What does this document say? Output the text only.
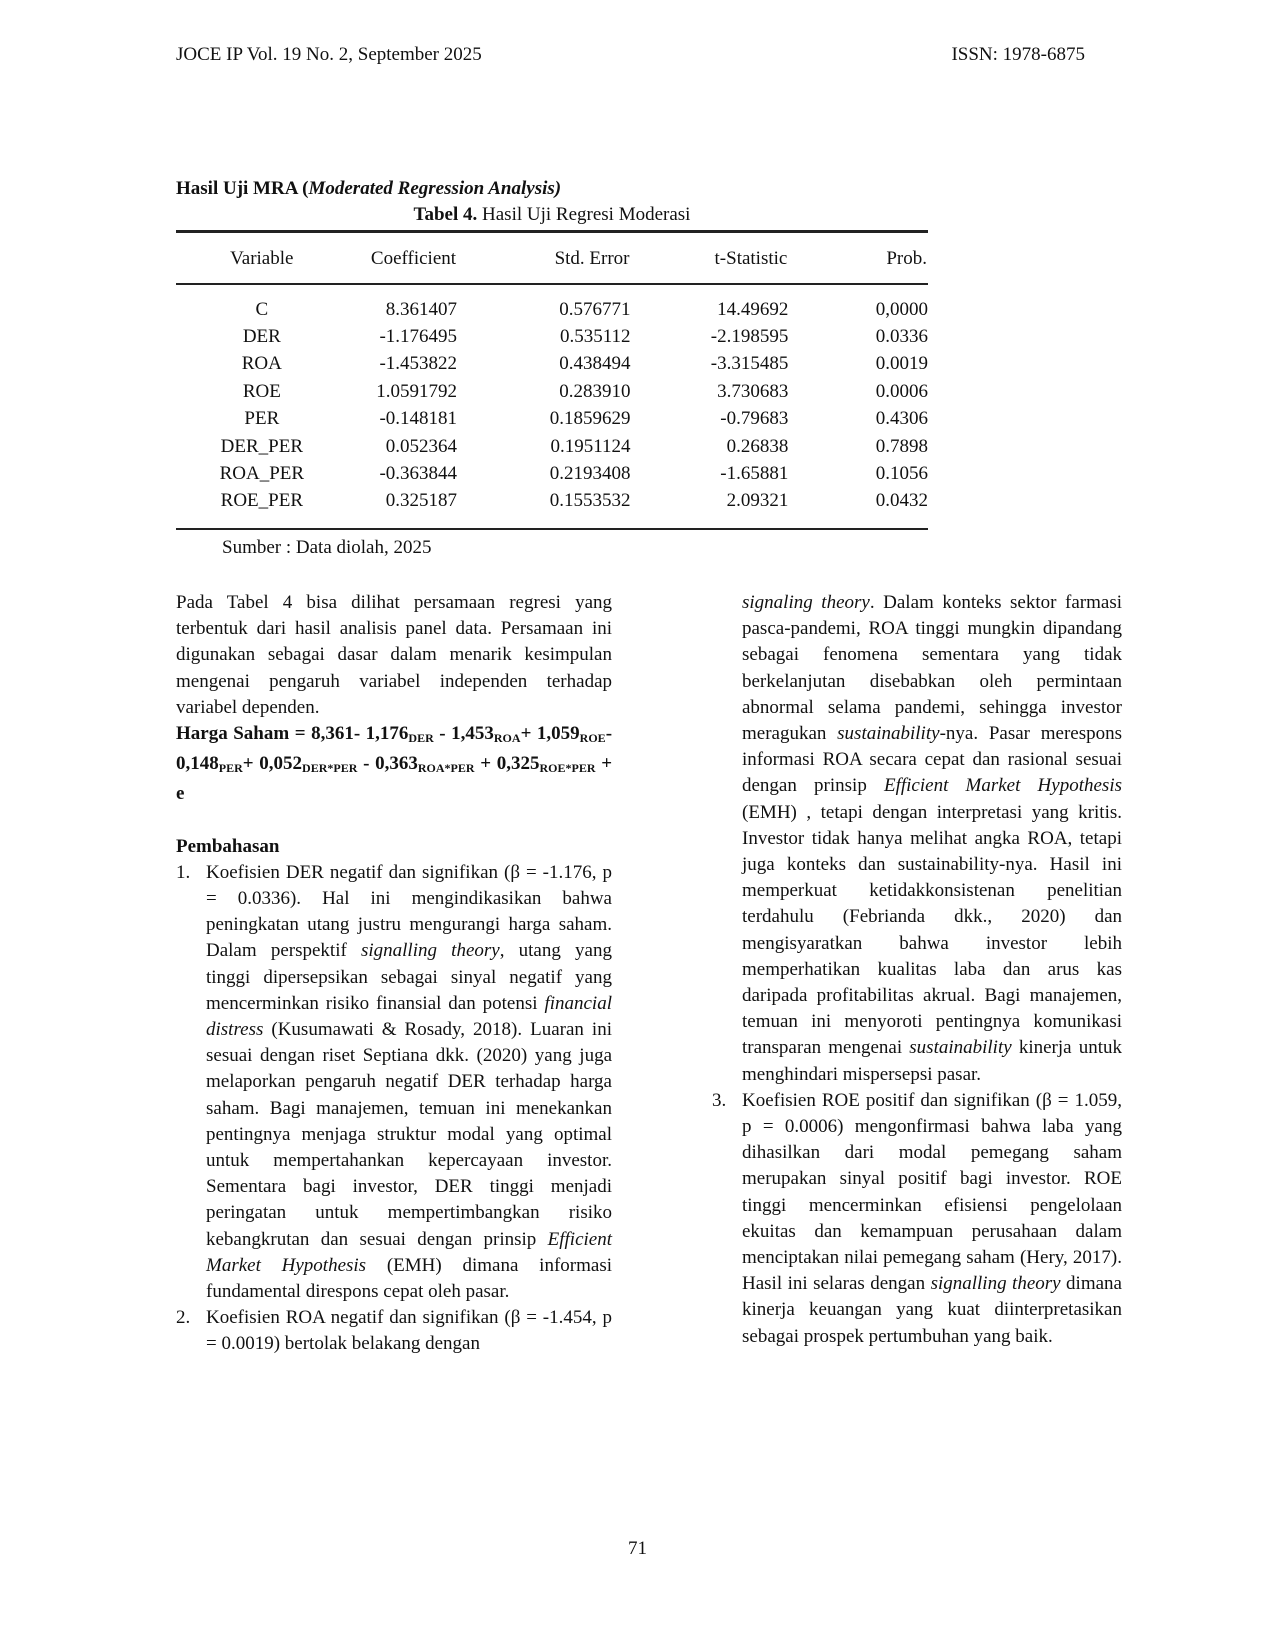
JOCE IP Vol. 19 No. 2, September 2025	ISSN: 1978-6875
Hasil Uji MRA (Moderated Regression Analysis)
Tabel 4. Hasil Uji Regresi Moderasi
Variable	Coefficient	Std. Error	t-Statistic	Prob.
C	8.361407	0.576771	14.49692	0,0000
DER	-1.176495	0.535112	-2.198595	0.0336
ROA	-1.453822	0.438494	-3.315485	0.0019
ROE	1.0591792	0.283910	3.730683	0.0006
PER	-0.148181	0.1859629	-0.79683	0.4306
DER_PER	0.052364	0.1951124	0.26838	0.7898
ROA_PER	-0.363844	0.2193408	-1.65881	0.1056
ROE_PER	0.325187	0.1553532	2.09321	0.0432
Sumber : Data diolah, 2025

Pada Tabel 4 bisa dilihat persamaan regresi yang terbentuk dari hasil analisis panel data. Persamaan ini digunakan sebagai dasar dalam menarik kesimpulan mengenai pengaruh variabel independen terhadap variabel dependen.

Harga Saham = 8,361- $1,176_{DER} - 1,453_{ROA}+ 1,059_{ROE}-$ $0,148_{PER}+ 0,052_{DER*PER} - 0,363_{ROA*PER} + 0,325_{ROE*PER} + e$

Pembahasan

1. Koefisien DER negatif dan signifikan (β = -1.176, p = 0.0336). Hal ini mengindikasikan bahwa peningkatan utang justru mengurangi harga saham. Dalam perspektif signalling theory, utang yang tinggi dipersepsikan sebagai sinyal negatif yang mencerminkan risiko finansial dan potensi financial distress (Kusumawati & Rosady, 2018). Luaran ini sesuai dengan riset Septiana dkk. (2020) yang juga melaporkan pengaruh negatif DER terhadap harga saham. Bagi manajemen, temuan ini menekankan pentingnya menjaga struktur modal yang optimal untuk mempertahankan kepercayaan investor. Sementara bagi investor, DER tinggi menjadi peringatan untuk mempertimbangkan risiko kebangkrutan dan sesuai dengan prinsip Efficient Market Hypothesis (EMH) dimana informasi fundamental direspons cepat oleh pasar.
2. Koefisien ROA negatif dan signifikan (β = -1.454, p = 0.0019) bertolak belakang dengan
signaling theory. Dalam konteks sektor farmasi pasca-pandemi, ROA tinggi mungkin dipandang sebagai fenomena sementara yang tidak berkelanjutan disebabkan oleh permintaan abnormal selama pandemi, sehingga investor meragukan sustainability-nya. Pasar merespons informasi ROA secara cepat dan rasional sesuai dengan prinsip Efficient Market Hypothesis (EMH) , tetapi dengan interpretasi yang kritis. Investor tidak hanya melihat angka ROA, tetapi juga konteks dan sustainability-nya. Hasil ini memperkuat ketidakkonsistenan penelitian terdahulu (Febrianda dkk., 2020) dan mengisyaratkan bahwa investor lebih memperhatikan kualitas laba dan arus kas daripada profitabilitas akrual. Bagi manajemen, temuan ini menyoroti pentingnya komunikasi transparan mengenai sustainability kinerja untuk menghindari mispersepsi pasar.
3. Koefisien ROE positif dan signifikan (β = 1.059, p = 0.0006) mengonfirmasi bahwa laba yang dihasilkan dari modal pemegang saham merupakan sinyal positif bagi investor. ROE tinggi mencerminkan efisiensi pengelolaan ekuitas dan kemampuan perusahaan dalam menciptakan nilai pemegang saham (Hery, 2017). Hasil ini selaras dengan signalling theory dimana kinerja keuangan yang kuat diinterpretasikan sebagai prospek pertumbuhan yang baik.
71
